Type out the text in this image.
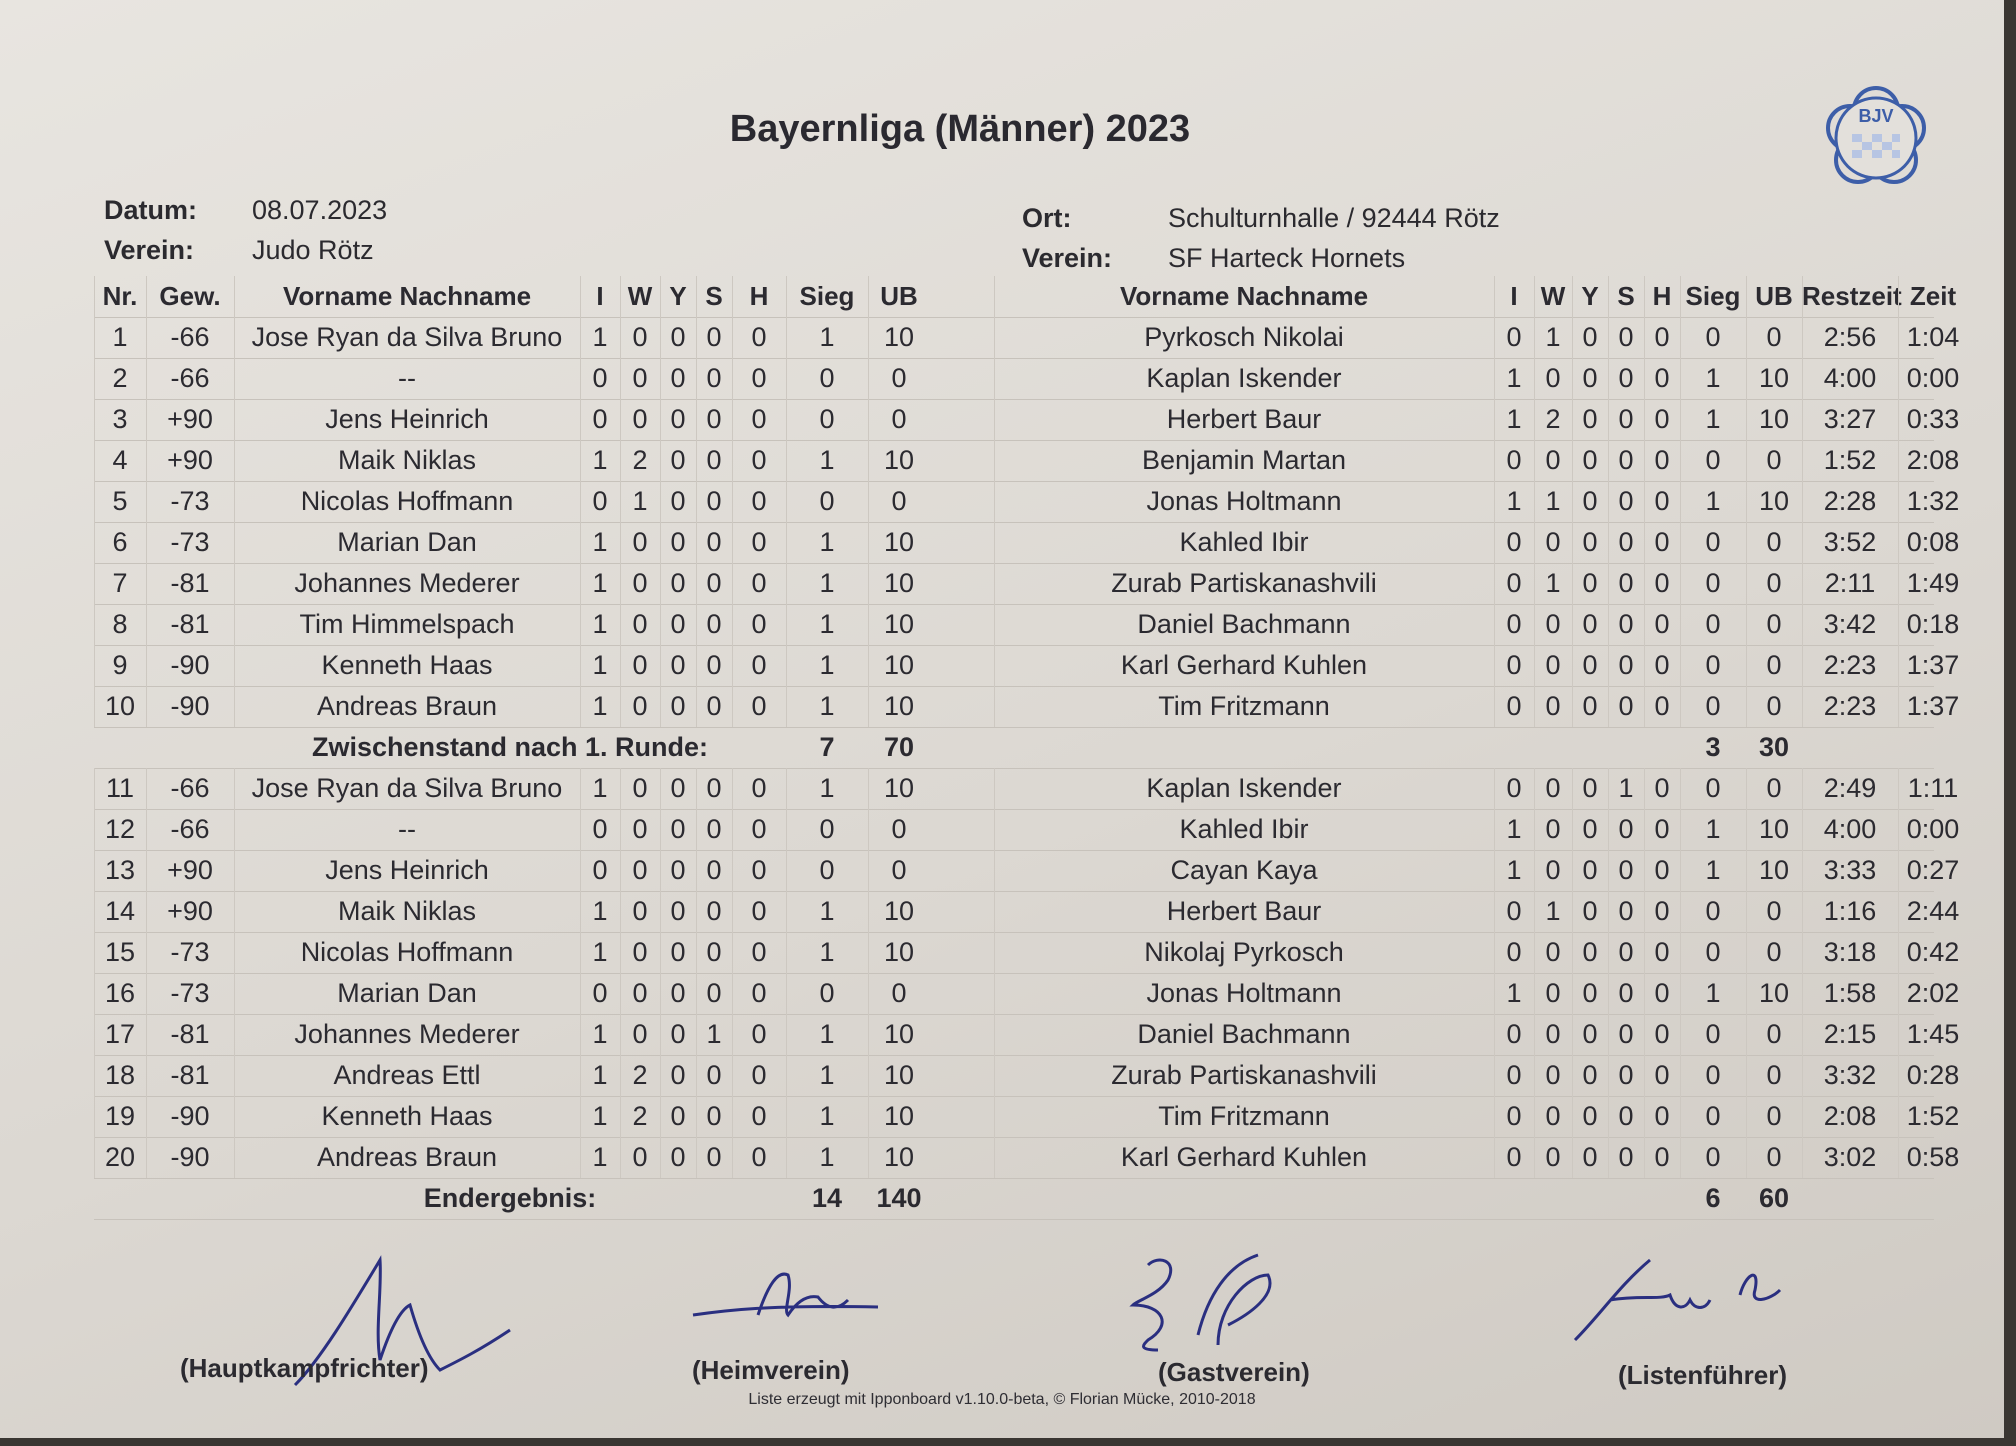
Bayernliga (Männer) 2023	BJV
Datum: 08.07.2023
Verein: Judo Rötz
Ort:	Schulturnhalle / 92444 Rötz
Verein: SF Harteck Hornets
Nr. Gew.	Vorname Nachname	I W Y S	H	Sieg UB	Vorname Nachname	I W Y S H Sieg UB Restzeit Zeit
1	-66	Jose Ryan da Silva Bruno	1 0 0 0	0	1	10	Pyrkosch Nikolai	0 1 0 0 0	0	0	2:56	1:04
2	-66	--	0 0 0 0	0	0	0	Kaplan Iskender	1 0 0 0 0	1	10	4:00	0:00
3	+90	Jens Heinrich	0 0 0 0	0	0	0	Herbert Baur	1 2 0 0 0	1	10	3:27	0:33
4	+90	Maik Niklas	1 2 0 0	0	1	10	Benjamin Martan	0 0 0 0 0	0	0	1:52	2:08
5	-73	Nicolas Hoffmann	0 1 0 0	0	0	0	Jonas Holtmann	1 1 0 0 0	1	10	2:28	1:32
6	-73	Marian Dan	1 0 0 0	0	1	10	Kahled Ibir	0 0 0 0 0	0	0	3:52	0:08
7	-81	Johannes Mederer	1 0 0 0	0	1	10	Zurab Partiskanashvili	0 1 0 0 0	0	0	2:11	1:49
8	-81	Tim Himmelspach	1 0 0 0	0	1	10	Daniel Bachmann	0 0 0 0 0	0	0	3:42	0:18
9	-90	Kenneth Haas	1 0 0 0	0	1	10	Karl Gerhard Kuhlen	0 0 0 0 0	0	0	2:23	1:37
10	-90	Andreas Braun	1 0 0 0	0	1	10	Tim Fritzmann	0 0 0 0 0	0	0	2:23	1:37
Zwischenstand nach 1. Runde:	7	70	3	30
11	-66	Jose Ryan da Silva Bruno	1 0 0 0	0	1	10	Kaplan Iskender	0 0 0 1 0	0	0	2:49	1:11
12	-66	--	0 0 0 0	0	0	0	Kahled Ibir	1 0 0 0 0	1	10	4:00	0:00
13	+90	Jens Heinrich	0 0 0 0	0	0	0	Cayan Kaya	1 0 0 0 0	1	10	3:33	0:27
14	+90	Maik Niklas	1 0 0 0	0	1	10	Herbert Baur	0 1 0 0 0	0	0	1:16	2:44
15	-73	Nicolas Hoffmann	1 0 0 0	0	1	10	Nikolaj Pyrkosch	0 0 0 0 0	0	0	3:18	0:42
16	-73	Marian Dan	0 0 0 0	0	0	0	Jonas Holtmann	1 0 0 0 0	1	10	1:58	2:02
17	-81	Johannes Mederer	1 0 0 1	0	1	10	Daniel Bachmann	0 0 0 0 0	0	0	2:15	1:45
18	-81	Andreas Ettl	1 2 0 0	0	1	10	Zurab Partiskanashvili	0 0 0 0 0	0	0	3:32	0:28
19	-90	Kenneth Haas	1 2 0 0	0	1	10	Tim Fritzmann	0 0 0 0 0	0	0	2:08	1:52
20	-90	Andreas Braun	1 0 0 0	0	1	10	Karl Gerhard Kuhlen	0 0 0 0 0	0	0	3:02	0:58
Endergebnis:	14	140	6	60
(Hauptkampfrichter)	(Heimverein)	(Gastverein)	(Listenführer)
Liste erzeugt mit Ipponboard v1.10.0-beta, © Florian Mücke, 2010-2018
